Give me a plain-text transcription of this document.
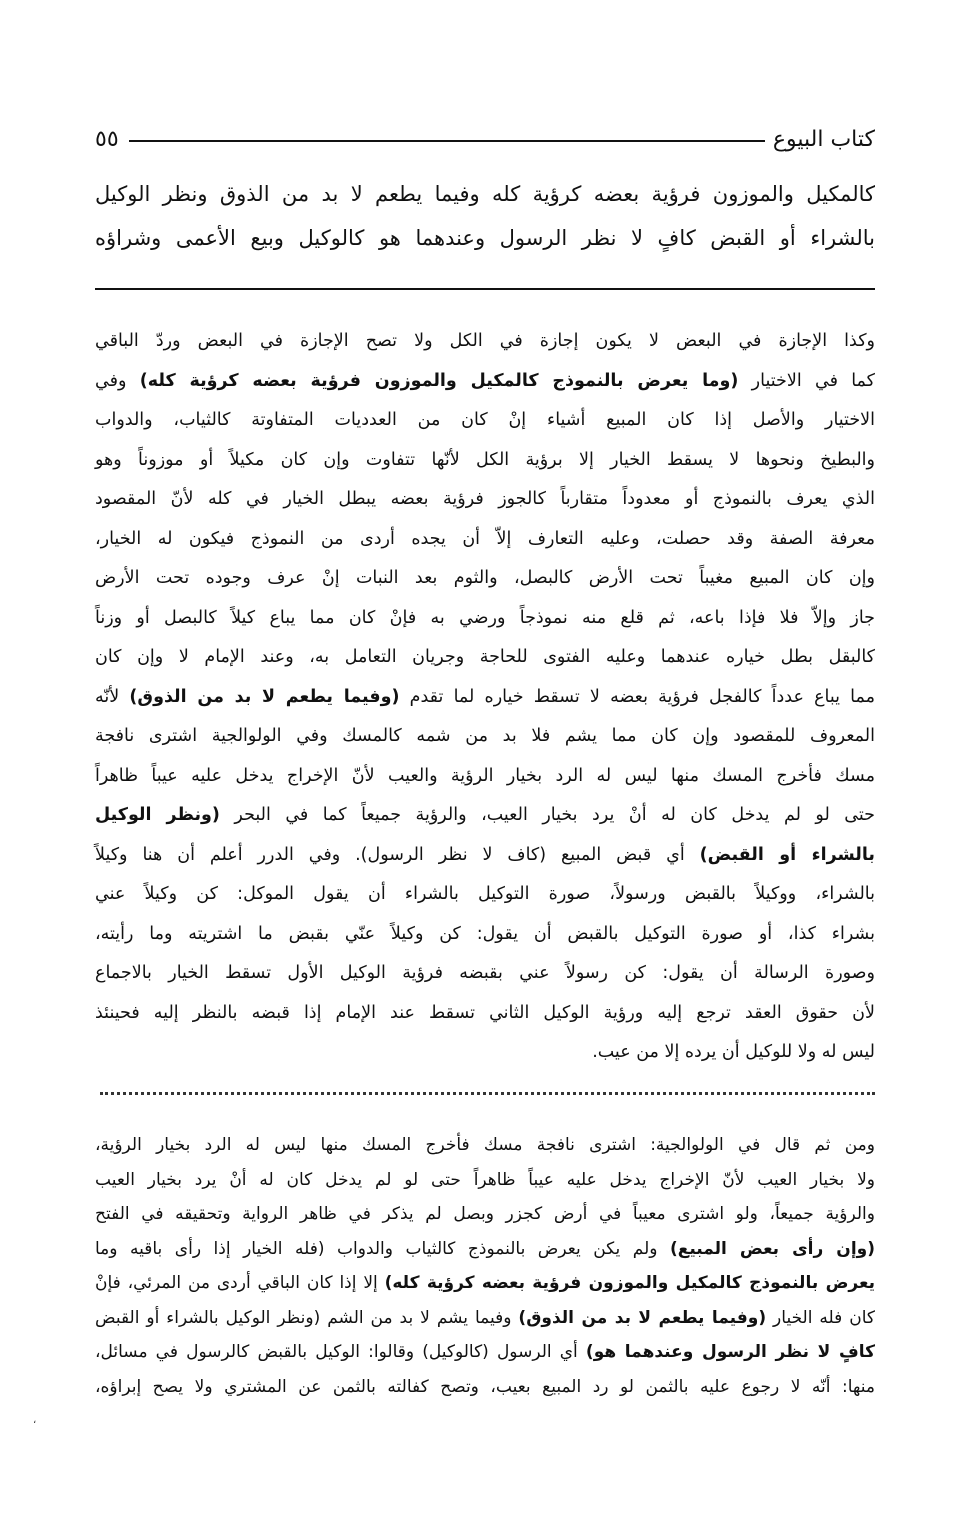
كتاب البيوع
٥٥
كالمكيل والموزون فرؤية بعضه كرؤية كله وفيما يطعم لا بد من الذوق ونظر الوكيل
بالشراء أو القبض كافٍ لا نظر الرسول وعندهما هو كالوكيل وبيع الأعمى وشراؤه
وكذا الإجازة في البعض لا يكون إجازة في الكل ولا تصح الإجازة في البعض وردّ الباقي
كما في الاختيار (وما يعرض بالنموذج كالمكيل والموزون فرؤية بعضه كرؤية كله) وفي
الاختيار والأصل إذا كان المبيع أشياء إنْ كان من العدديات المتفاوتة كالثياب، والدواب
والبطيخ ونحوها لا يسقط الخيار إلا برؤية الكل لأنّها تتفاوت وإن كان مكيلاً أو موزوناً وهو
الذي يعرف بالنموذج أو معدوداً متقارباً كالجوز فرؤية بعضه يبطل الخيار في كله لأنّ المقصود
معرفة الصفة وقد حصلت، وعليه التعارف إلاّ أن يجده أردى من النموذج فيكون له الخيار،
وإن كان المبيع مغيباً تحت الأرض كالبصل، والثوم بعد النبات إنْ عرف وجوده تحت الأرض
جاز وإلاّ فلا فإذا باعه، ثم قلع منه نموذجاً ورضي به فإنْ كان مما يباع كيلاً كالبصل أو وزناً
كالبقل بطل خياره عندهما وعليه الفتوى للحاجة وجريان التعامل به، وعند الإمام لا وإن كان
مما يباع عدداً كالفجل فرؤية بعضه لا تسقط خياره لما تقدم (وفيما يطعم لا بد من الذوق) لأنّه
المعروف للمقصود وإن كان مما يشم فلا بد من شمه كالمسك وفي الولوالجية اشترى نافجة
مسك فأخرج المسك منها ليس له الرد بخيار الرؤية والعيب لأنّ الإخراج يدخل عليه عيباً ظاهراً
حتى لو لم يدخل كان له أنْ يرد بخيار العيب، والرؤية جميعاً كما في البحر (ونظر الوكيل
بالشراء أو القبض) أي قبض المبيع (كاف لا نظر الرسول). وفي الدرر أعلم أن هنا وكيلاً
بالشراء، ووكيلاً بالقبض ورسولاً، صورة التوكيل بالشراء أن يقول الموكل: كن وكيلاً عني
بشراء كذا، أو صورة التوكيل بالقبض أن يقول: كن وكيلاً عنّي بقبض ما اشتريته وما رأيته،
وصورة الرسالة أن يقول: كن رسولاً عني بقبضه فرؤية الوكيل الأول تسقط الخيار بالاجماع
لأن حقوق العقد ترجع إليه ورؤية الوكيل الثاني تسقط عند الإمام إذا قبضه بالنظر إليه فحينئذ
ليس له ولا للوكيل أن يرده إلا من عيب.
ومن ثم قال في الولوالجية: اشترى نافجة مسك فأخرج المسك منها ليس له الرد بخيار الرؤية،
ولا بخيار العيب لأنّ الإخراج يدخل عليه عيباً ظاهراً حتى لو لم يدخل كان له أنْ يرد بخيار العيب
والرؤية جميعاً، ولو اشترى معيباً في أرض كجزر وبصل لم يذكر في ظاهر الرواية وتحقيقه في الفتح
(وإن رأى بعض المبيع) ولم يكن يعرض بالنموذج كالثياب والدواب (فله الخيار إذا رأى باقيه وما
يعرض بالنموذج كالمكيل والموزون فرؤية بعضه كرؤية كله) إلا إذا كان الباقي أردى من المرئي، فإنْ
كان فله الخيار (وفيما يطعم لا بد من الذوق) وفيما يشم لا بد من الشم (ونظر الوكيل بالشراء أو القبض
كافٍ لا نظر الرسول وعندهما هو) أي الرسول (كالوكيل) وقالوا: الوكيل بالقبض كالرسول في مسائل،
منها: أنّه لا رجوع عليه بالثمن لو رد المبيع بعيب، وتصح كفالته بالثمن عن المشتري ولا يصح إبراؤه،
،
